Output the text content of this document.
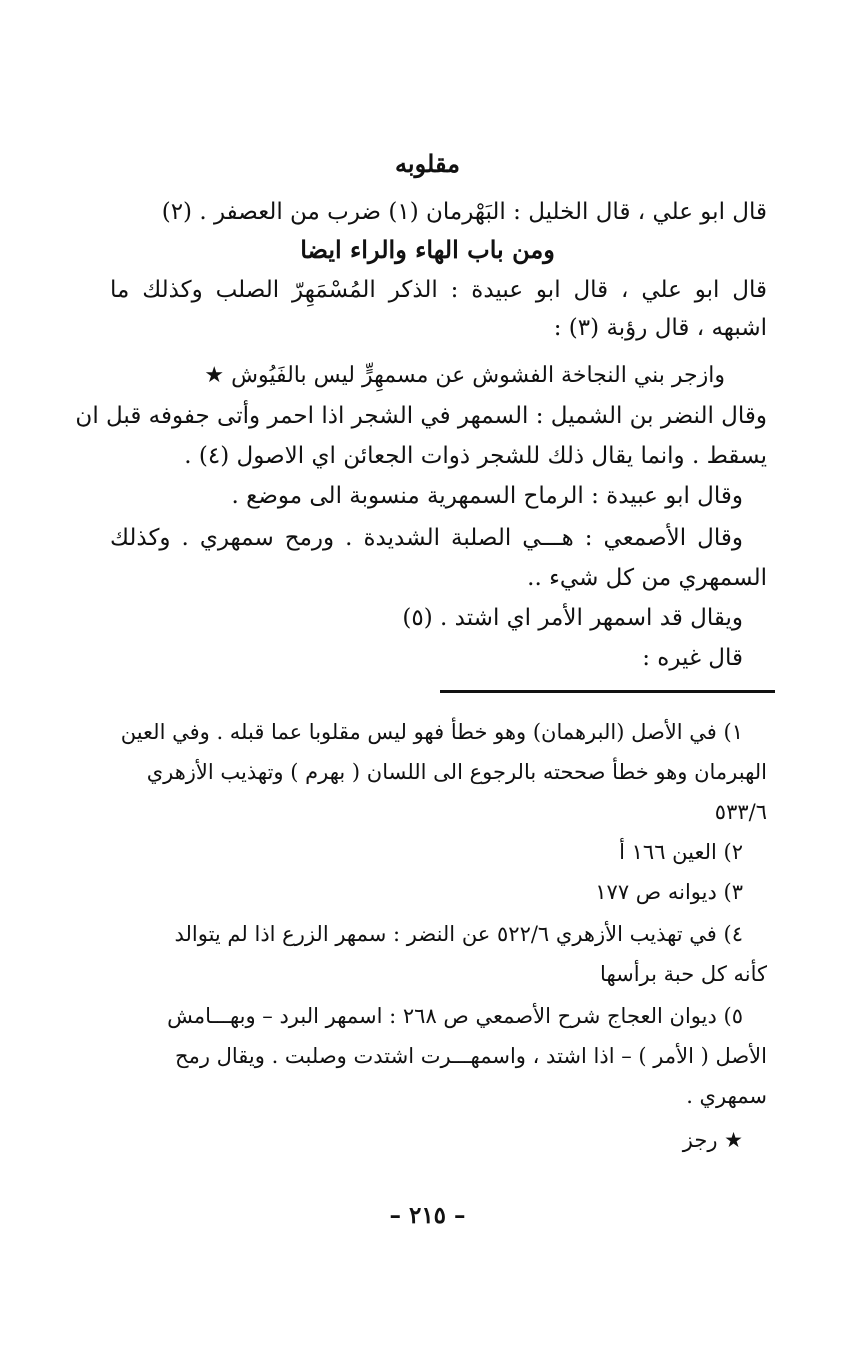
مقلوبه
قال ابو علي ، قال الخليل : البَهْرمان (١) ضرب من العصفر . (٢)
ومن باب الهاء والراء ايضا
قال ابو علي ، قال ابو عبيدة : الذكر المُسْمَهِرّ الصلب وكذلك ما
اشبهه ، قال رؤبة (٣) :
وازجر بني النجاخة الفشوش عن مسمهِرٍّ ليس بالفَيُوش ★
وقال النضر بن الشميل : السمهر في الشجر اذا احمر وأتى جفوفه قبل ان
يسقط . وانما يقال ذلك للشجر ذوات الجعائن اي الاصول (٤) .
وقال ابو عبيدة : الرماح السمهرية منسوبة الى موضع .
وقال الأصمعي : هـــي الصلبة الشديدة . ورمح سمهري . وكذلك
السمهري من كل شيء ..
ويقال قد اسمهر الأمر اي اشتد . (٥)
قال غيره :
١) في الأصل (البرهمان) وهو خطأ فهو ليس مقلوبا عما قبله . وفي العين
الهبرمان وهو خطأ صححته بالرجوع الى اللسان ( بهرم ) وتهذيب الأزهري
٥٣٣/٦
٢) العين ١٦٦ أ
٣) ديوانه ص ١٧٧
٤) في تهذيب الأزهري ٥٢٢/٦ عن النضر : سمهر الزرع اذا لم يتوالد
كأنه كل حبة برأسها
٥) ديوان العجاج شرح الأصمعي ص ٢٦٨ : اسمهر البرد – وبهـــامش
الأصل ( الأمر ) – اذا اشتد ، واسمهـــرت اشتدت وصلبت . ويقال رمح
سمهري .
★ رجز
– ٢١٥ –
